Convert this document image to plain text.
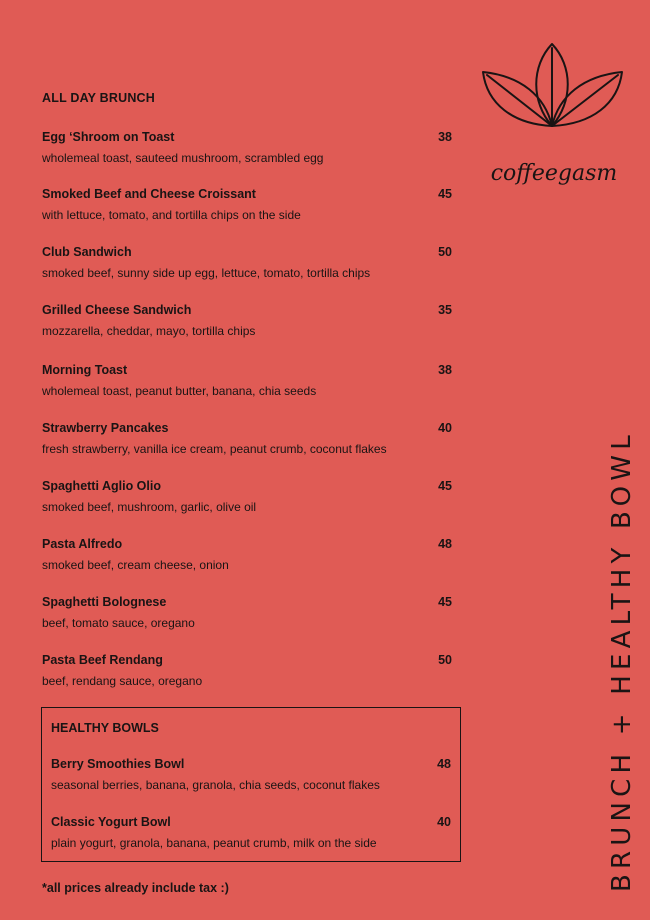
ALL DAY BRUNCH
Egg ‘Shroom on Toast	38
wholemeal toast, sauteed mushroom, scrambled egg
Smoked Beef and Cheese Croissant	45
with lettuce, tomato, and tortilla chips on the side
Club Sandwich	50
smoked beef, sunny side up egg, lettuce, tomato, tortilla chips
Grilled Cheese Sandwich	35
mozzarella, cheddar, mayo, tortilla chips
Morning Toast	38
wholemeal toast, peanut butter, banana, chia seeds
Strawberry Pancakes	40
fresh strawberry, vanilla ice cream, peanut crumb, coconut flakes
Spaghetti Aglio Olio	45
smoked beef, mushroom, garlic, olive oil
Pasta Alfredo	48
smoked beef, cream cheese, onion
Spaghetti Bolognese	45
beef, tomato sauce, oregano
Pasta Beef Rendang	50
beef, rendang sauce, oregano
HEALTHY BOWLS
Berry Smoothies Bowl	48
seasonal berries, banana, granola, chia seeds, coconut flakes
Classic Yogurt Bowl	40
plain yogurt, granola, banana, peanut crumb, milk on the side
*all prices already include tax :)
coffeegasm
BRUNCH + HEALTHY BOWL
